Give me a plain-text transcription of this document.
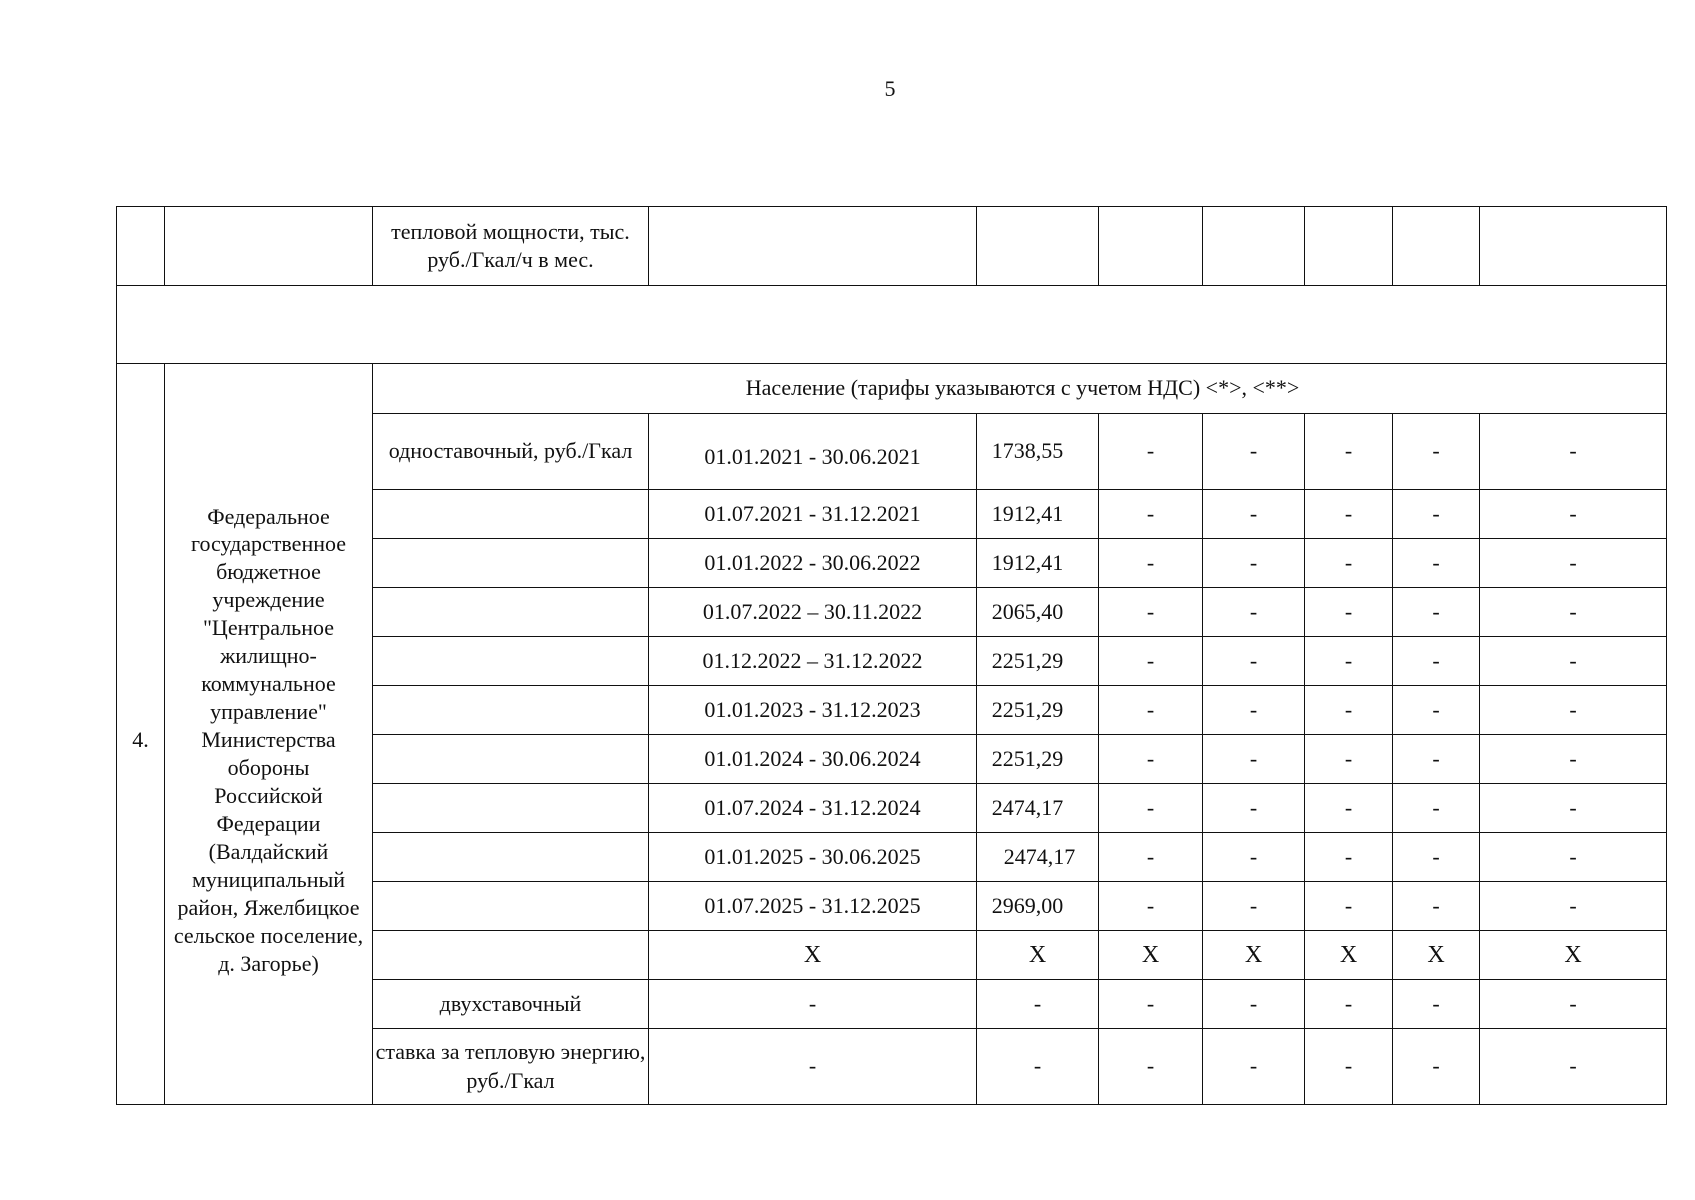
5
		тепловой мощности, тыс. руб./Гкал/ч в мес.							

4.	Федеральное государственное бюджетное учреждение "Центральное жилищно-коммунальное управление" Министерства обороны Российской Федерации (Валдайский муниципальный район, Яжелбицкое сельское поселение, д. Загорье)	Население (тарифы указываются с учетом НДС) <*>, <**>							
		одноставочный, руб./Гкал	01.01.2021 - 30.06.2021	1738,55	-	-	-	-	-
			01.07.2021 - 31.12.2021	1912,41	-	-	-	-	-
			01.01.2022 - 30.06.2022	1912,41	-	-	-	-	-
			01.07.2022 – 30.11.2022	2065,40	-	-	-	-	-
			01.12.2022 – 31.12.2022	2251,29	-	-	-	-	-
			01.01.2023 - 31.12.2023	2251,29	-	-	-	-	-
			01.01.2024 - 30.06.2024	2251,29	-	-	-	-	-
			01.07.2024 - 31.12.2024	2474,17	-	-	-	-	-
			01.01.2025 - 30.06.2025	2474,17	-	-	-	-	-
			01.07.2025 - 31.12.2025	2969,00	-	-	-	-	-
			X	X	X	X	X	X	X
		двухставочный	-	-	-	-	-	-	-
		ставка за тепловую энергию, руб./Гкал	-	-	-	-	-	-	-
